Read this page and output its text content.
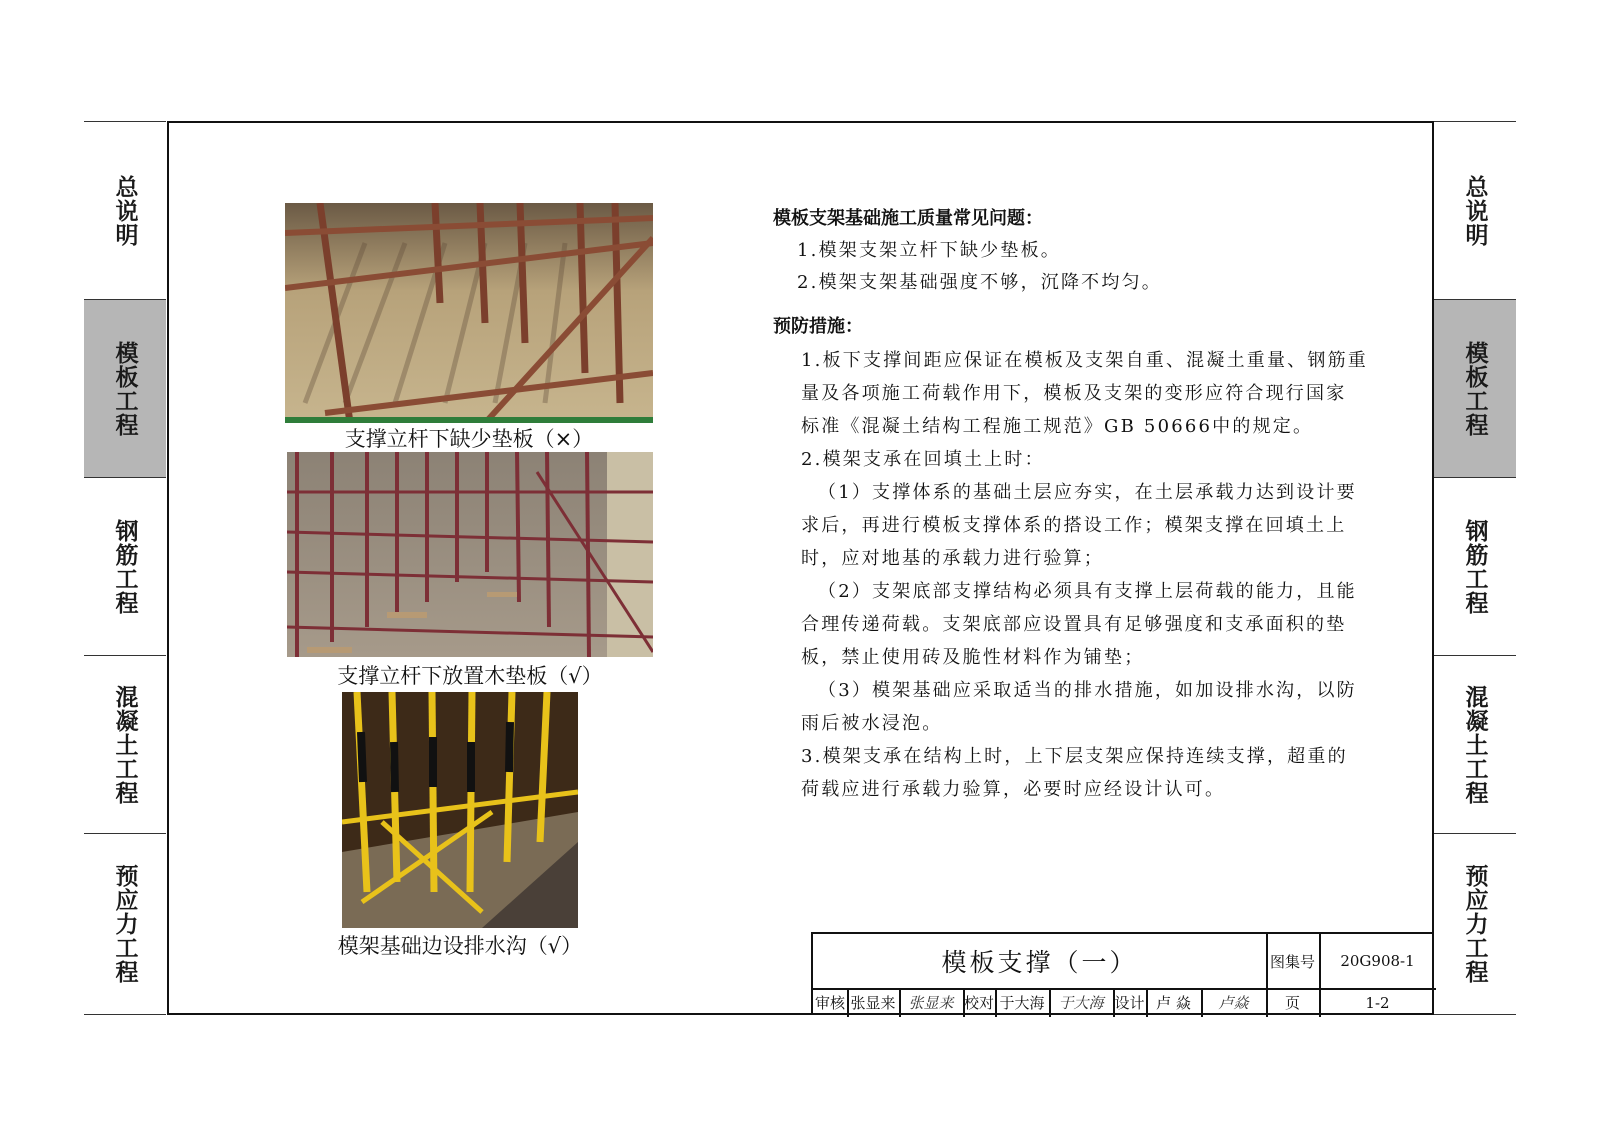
总说明
模板工程
钢筋工程
混凝土工程
预应力工程
总说明
模板工程
钢筋工程
混凝土工程
预应力工程
支撑立杆下缺少垫板（×）
支撑立杆下放置木垫板（√）
模架基础边设排水沟（√）
模板支架基础施工质量常见问题：
1.模架支架立杆下缺少垫板。
2.模架支架基础强度不够，沉降不均匀。
预防措施：
1.板下支撑间距应保证在模板及支架自重、混凝土重量、钢筋重
量及各项施工荷载作用下，模板及支架的变形应符合现行国家
标准《混凝土结构工程施工规范》GB 50666中的规定。
2.模架支承在回填土上时：
（1）支撑体系的基础土层应夯实，在土层承载力达到设计要
求后，再进行模板支撑体系的搭设工作；模架支撑在回填土上
时，应对地基的承载力进行验算；
（2）支架底部支撑结构必须具有支撑上层荷载的能力，且能
合理传递荷载。支架底部应设置具有足够强度和支承面积的垫
板，禁止使用砖及脆性材料作为铺垫；
（3）模架基础应采取适当的排水措施，如加设排水沟，以防
雨后被水浸泡。
3.模架支承在结构上时，上下层支架应保持连续支撑，超重的
荷载应进行承载力验算，必要时应经设计认可。
模板支撑（一）	图集号	20G908-1
页	1-2
审核 张显来 张显来 校对 于大海 于大海 设计 卢 焱	卢焱
